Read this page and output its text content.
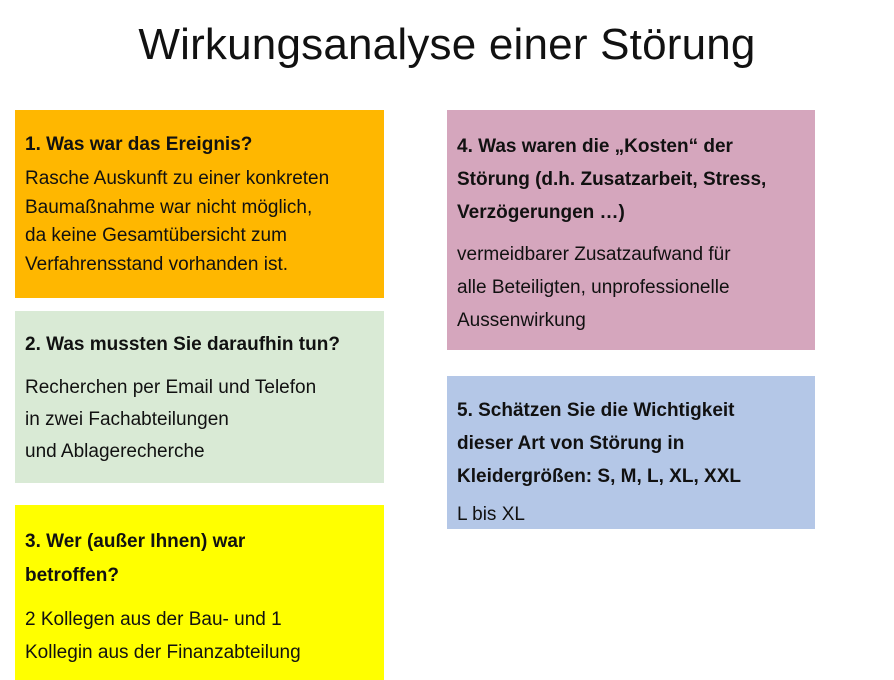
Wirkungsanalyse einer Störung
1. Was war das Ereignis?

Rasche Auskunft zu einer konkreten
Baumaßnahme war nicht möglich,
da keine Gesamtübersicht zum
Verfahrensstand vorhanden ist.

2. Was mussten Sie daraufhin tun?

Recherchen per Email und Telefon
in zwei Fachabteilungen
und Ablagerecherche

3. Wer (außer Ihnen) war
betroffen?

2 Kollegen aus der Bau- und 1
Kollegin aus der Finanzabteilung

4. Was waren die „Kosten“ der
Störung (d.h. Zusatzarbeit, Stress,
Verzögerungen …)

vermeidbarer Zusatzaufwand für
alle Beteiligten, unprofessionelle
Aussenwirkung

5. Schätzen Sie die Wichtigkeit
dieser Art von Störung in
Kleidergrößen: S, M, L, XL, XXL

L bis XL
